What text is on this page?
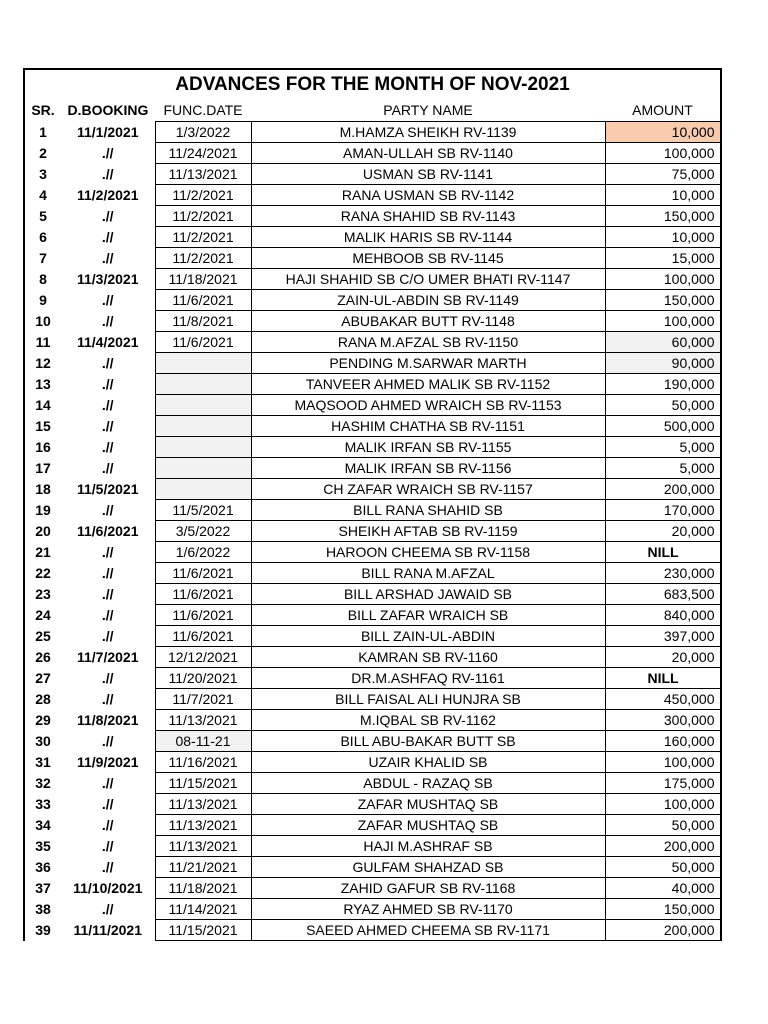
ADVANCES FOR THE MONTH OF NOV-2021
SR.	D.BOOKING	FUNC.DATE	PARTY NAME	AMOUNT
1	11/1/2021	1/3/2022	M.HAMZA SHEIKH RV-1139	10,000
2	.//	11/24/2021	AMAN-ULLAH SB RV-1140	100,000
3	.//	11/13/2021	USMAN SB RV-1141	75,000
4	11/2/2021	11/2/2021	RANA USMAN SB RV-1142	10,000
5	.//	11/2/2021	RANA SHAHID SB RV-1143	150,000
6	.//	11/2/2021	MALIK HARIS SB RV-1144	10,000
7	.//	11/2/2021	MEHBOOB SB RV-1145	15,000
8	11/3/2021	11/18/2021	HAJI SHAHID SB C/O UMER BHATI RV-1147	100,000
9	.//	11/6/2021	ZAIN-UL-ABDIN SB RV-1149	150,000
10	.//	11/8/2021	ABUBAKAR BUTT RV-1148	100,000
11	11/4/2021	11/6/2021	RANA M.AFZAL SB RV-1150	60,000
12	.//		PENDING M.SARWAR MARTH	90,000
13	.//		TANVEER AHMED MALIK SB RV-1152	190,000
14	.//		MAQSOOD AHMED WRAICH SB RV-1153	50,000
15	.//		HASHIM CHATHA SB RV-1151	500,000
16	.//		MALIK IRFAN SB RV-1155	5,000
17	.//		MALIK IRFAN SB RV-1156	5,000
18	11/5/2021		CH ZAFAR WRAICH SB RV-1157	200,000
19	.//	11/5/2021	BILL RANA SHAHID SB	170,000
20	11/6/2021	3/5/2022	SHEIKH AFTAB SB RV-1159	20,000
21	.//	1/6/2022	HAROON CHEEMA SB RV-1158	NILL
22	.//	11/6/2021	BILL RANA M.AFZAL	230,000
23	.//	11/6/2021	BILL ARSHAD JAWAID SB	683,500
24	.//	11/6/2021	BILL ZAFAR WRAICH SB	840,000
25	.//	11/6/2021	BILL ZAIN-UL-ABDIN	397,000
26	11/7/2021	12/12/2021	KAMRAN SB RV-1160	20,000
27	.//	11/20/2021	DR.M.ASHFAQ RV-1161	NILL
28	.//	11/7/2021	BILL FAISAL ALI HUNJRA SB	450,000
29	11/8/2021	11/13/2021	M.IQBAL SB RV-1162	300,000
30	.//	08-11-21	BILL ABU-BAKAR BUTT SB	160,000
31	11/9/2021	11/16/2021	UZAIR KHALID SB	100,000
32	.//	11/15/2021	ABDUL - RAZAQ SB	175,000
33	.//	11/13/2021	ZAFAR MUSHTAQ SB	100,000
34	.//	11/13/2021	ZAFAR MUSHTAQ SB	50,000
35	.//	11/13/2021	HAJI M.ASHRAF SB	200,000
36	.//	11/21/2021	GULFAM SHAHZAD SB	50,000
37	11/10/2021	11/18/2021	ZAHID GAFUR SB RV-1168	40,000
38	.//	11/14/2021	RYAZ AHMED SB RV-1170	150,000
39	11/11/2021	11/15/2021	SAEED AHMED CHEEMA SB RV-1171	200,000
